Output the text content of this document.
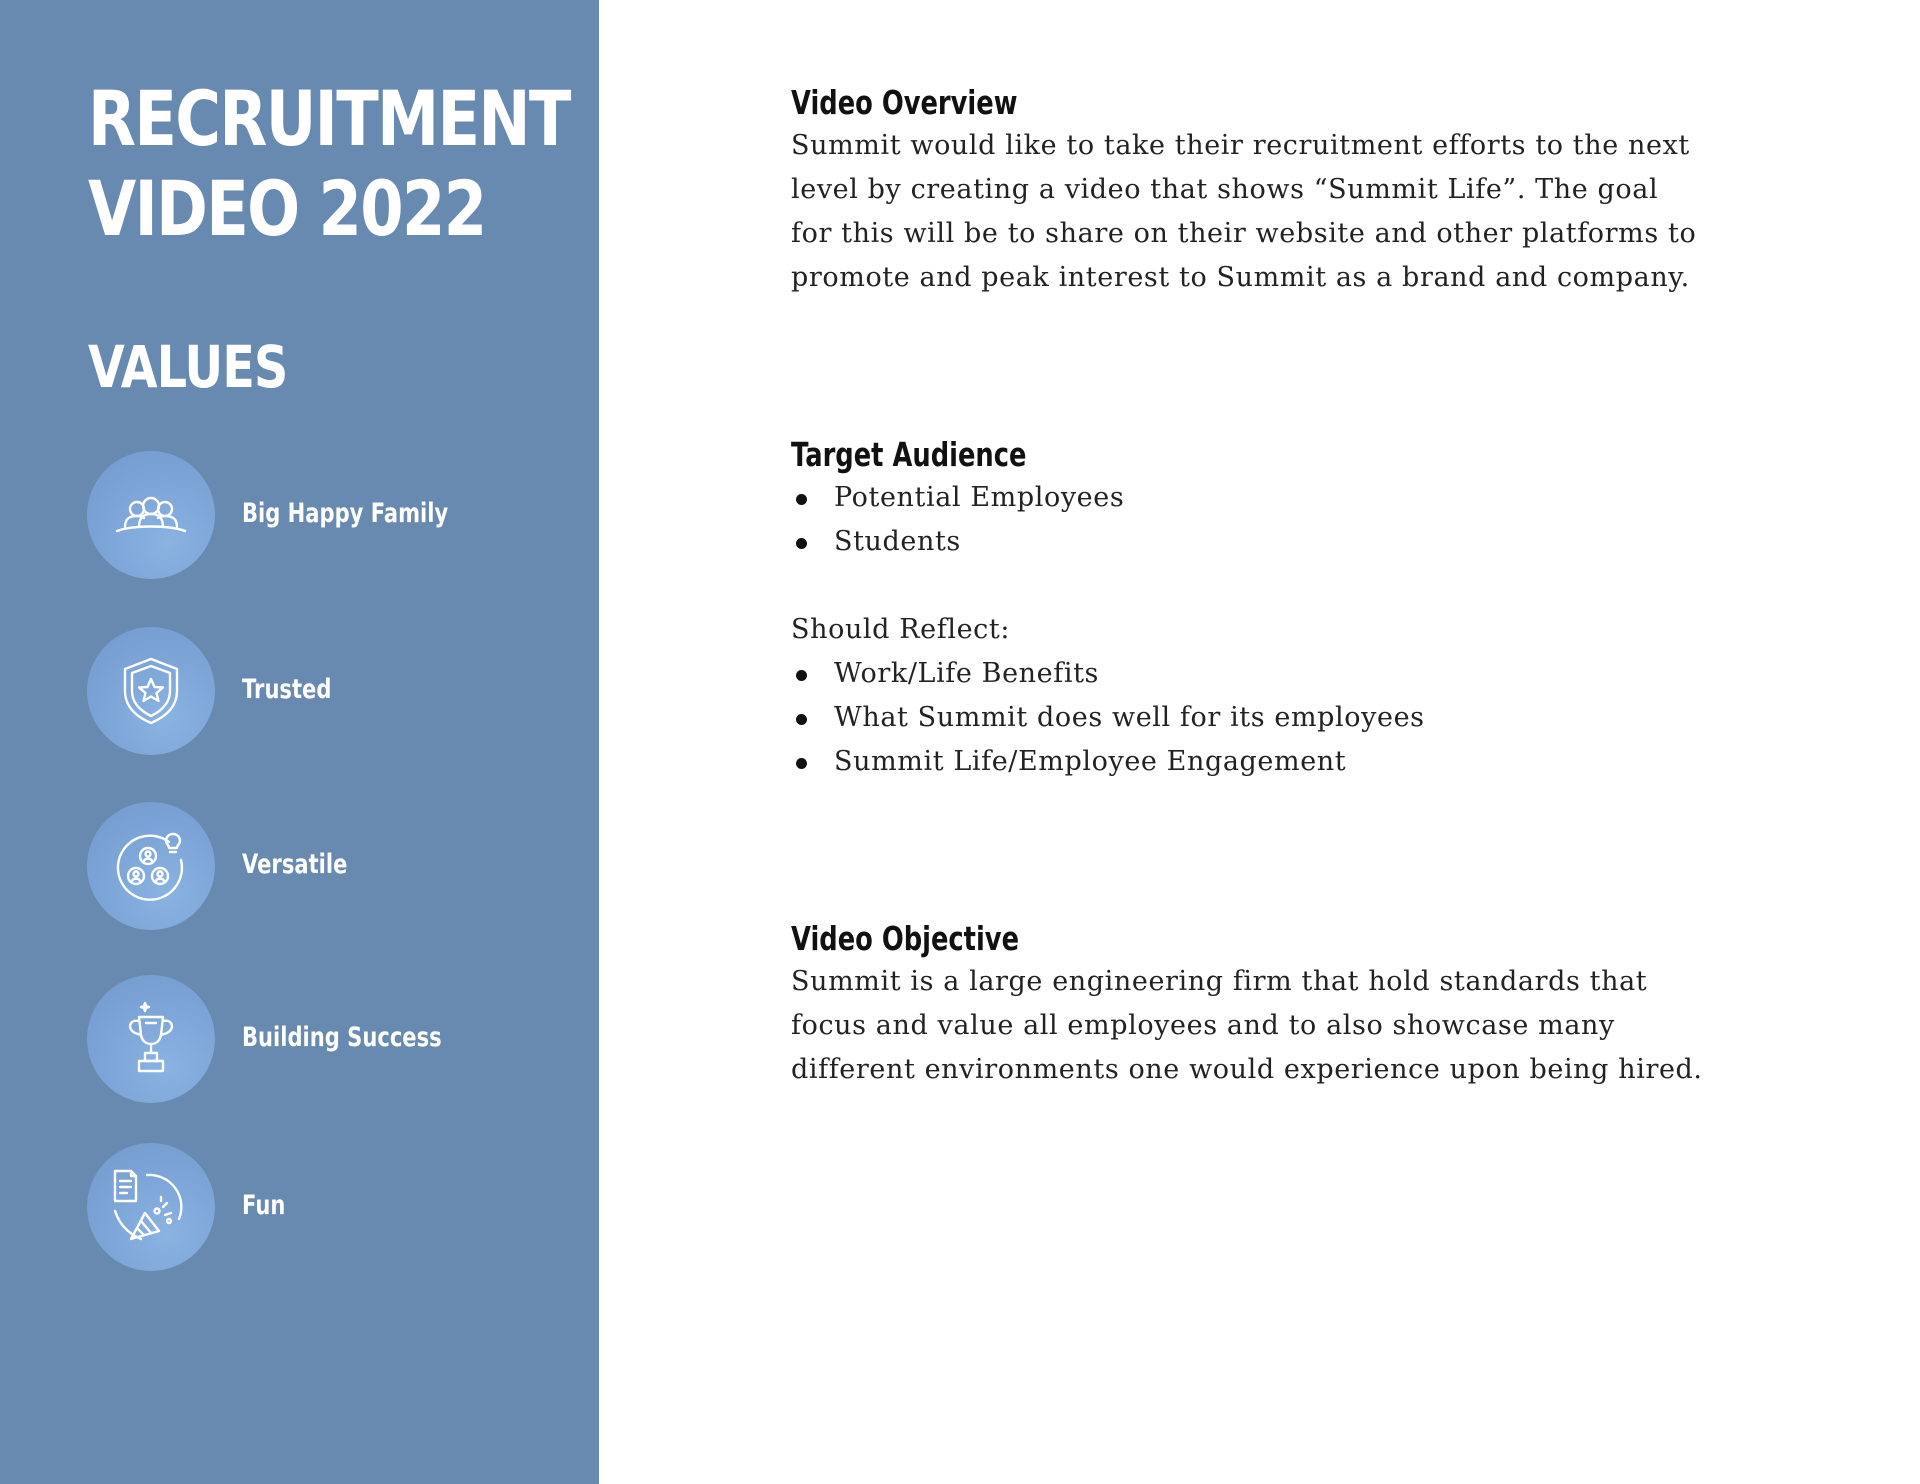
RECRUITMENT
VIDEO 2022
VALUES
Big Happy Family
Trusted
Versatile
Building Success
Fun
Video Overview

Summit would like to take their recruitment efforts to the next

level by creating a video that shows “Summit Life”. The goal

for this will be to share on their website and other platforms to

promote and peak interest to Summit as a brand and company.

Target Audience
Potential Employees
Students

Should Reflect:

Work/Life Benefits
What Summit does well for its employees
Summit Life/Employee Engagement
Video Objective

Summit is a large engineering firm that hold standards that

focus and value all employees and to also showcase many

different environments one would experience upon being hired.
